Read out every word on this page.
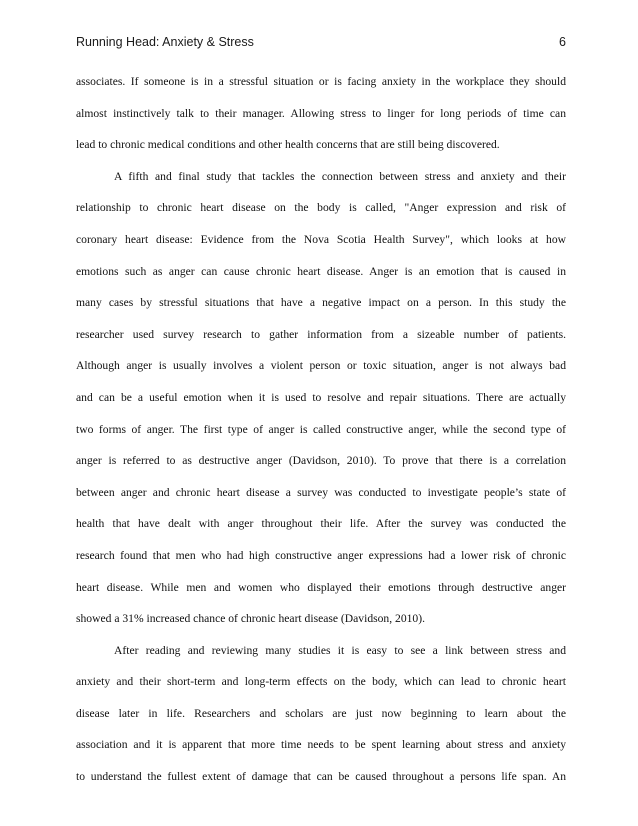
Running Head: Anxiety & Stress	6
associates. If someone is in a stressful situation or is facing anxiety in the workplace they should
almost instinctively talk to their manager. Allowing stress to linger for long periods of time can
lead to chronic medical conditions and other health concerns that are still being discovered.
A fifth and final study that tackles the connection between stress and anxiety and their
relationship to chronic heart disease on the body is called, "Anger expression and risk of
coronary heart disease: Evidence from the Nova Scotia Health Survey", which looks at how
emotions such as anger can cause chronic heart disease. Anger is an emotion that is caused in
many cases by stressful situations that have a negative impact on a person. In this study the
researcher used survey research to gather information from a sizeable number of patients.
Although anger is usually involves a violent person or toxic situation, anger is not always bad
and can be a useful emotion when it is used to resolve and repair situations. There are actually
two forms of anger. The first type of anger is called constructive anger, while the second type of
anger is referred to as destructive anger (Davidson, 2010). To prove that there is a correlation
between anger and chronic heart disease a survey was conducted to investigate people’s state of
health that have dealt with anger throughout their life. After the survey was conducted the
research found that men who had high constructive anger expressions had a lower risk of chronic
heart disease. While men and women who displayed their emotions through destructive anger
showed a 31% increased chance of chronic heart disease (Davidson, 2010).
After reading and reviewing many studies it is easy to see a link between stress and
anxiety and their short-term and long-term effects on the body, which can lead to chronic heart
disease later in life. Researchers and scholars are just now beginning to learn about the
association and it is apparent that more time needs to be spent learning about stress and anxiety
to understand the fullest extent of damage that can be caused throughout a persons life span. An
